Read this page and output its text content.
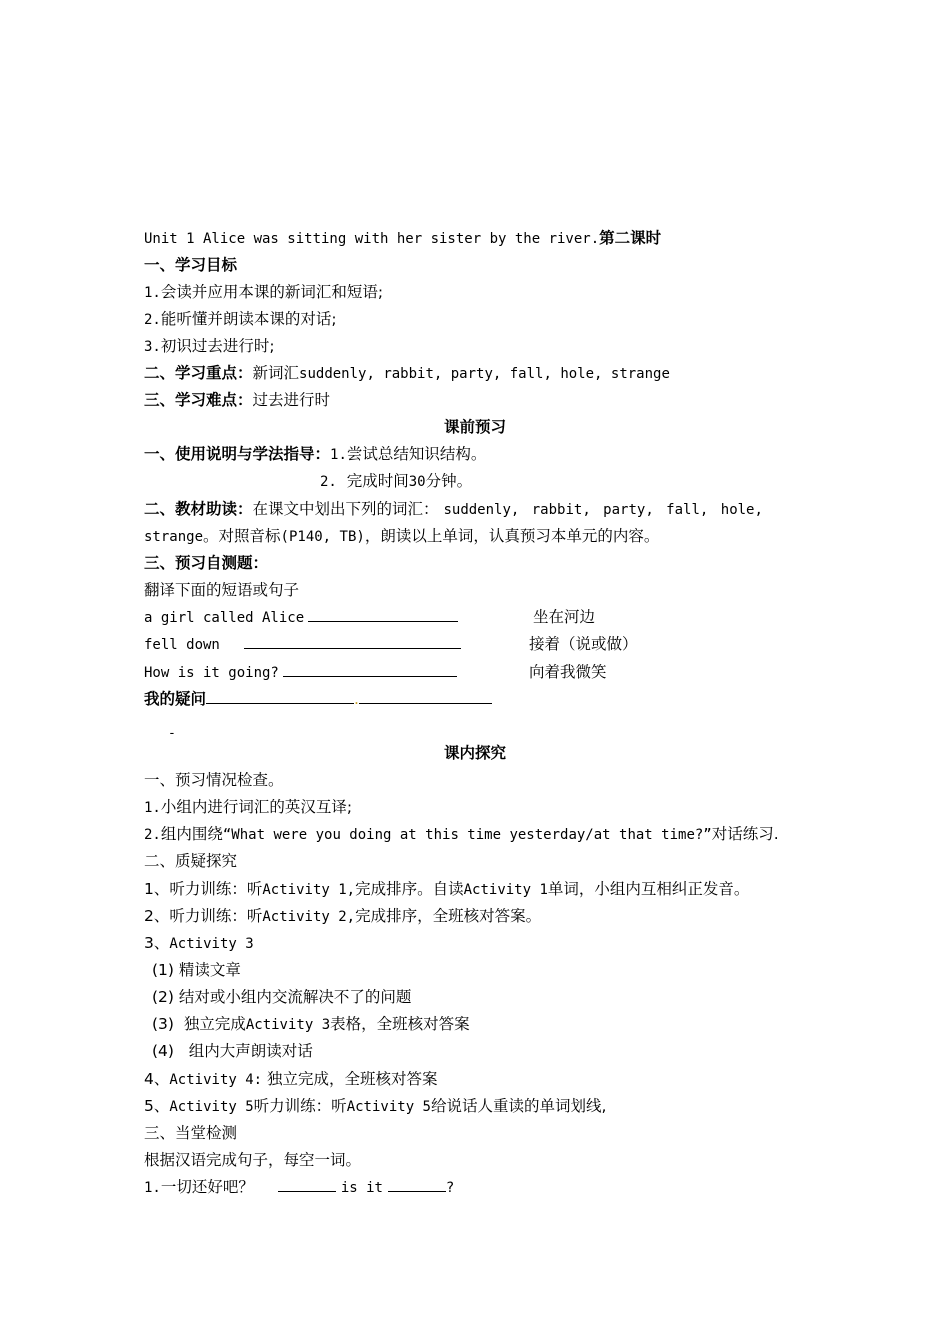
Unit 1 Alice was sitting with her sister by the river.第二课时
一、学习目标
1.会读并应用本课的新词汇和短语;
2.能听懂并朗读本课的对话;
3.初识过去进行时;
二、学习重点：新词汇suddenly, rabbit, party, fall, hole, strange
三、学习难点：过去进行时
课前预习
一、使用说明与学法指导：1.尝试总结知识结构。
2. 完成时间30分钟。
二、教材助读：在课文中划出下列的词汇： suddenly, rabbit, party, fall, hole,
strange。对照音标(P140, TB)，朗读以上单词，认真预习本单元的内容。
三、预习自测题：
翻译下面的短语或句子
a girl called Alice	坐在河边
fell down	接着（说或做）
How is it going?	向着我微笑
我的疑问	.
-
课内探究
一、预习情况检查。
1.小组内进行词汇的英汉互译;
2.组内围绕“What were you doing at this time yesterday/at that time?”对话练习.
二、质疑探究
1、听力训练：听Activity 1,完成排序。自读Activity 1单词，小组内互相纠正发音。
2、听力训练：听Activity 2,完成排序，全班核对答案。
3、Activity 3
(1) 精读文章
(2) 结对或小组内交流解决不了的问题
(3) 独立完成Activity 3表格，全班核对答案
(4) 组内大声朗读对话
4、Activity 4: 独立完成，全班核对答案
5、Activity 5听力训练：听Activity 5给说话人重读的单词划线,
三、当堂检测
根据汉语完成句子，每空一词。
1.一切还好吧？	is it	?
